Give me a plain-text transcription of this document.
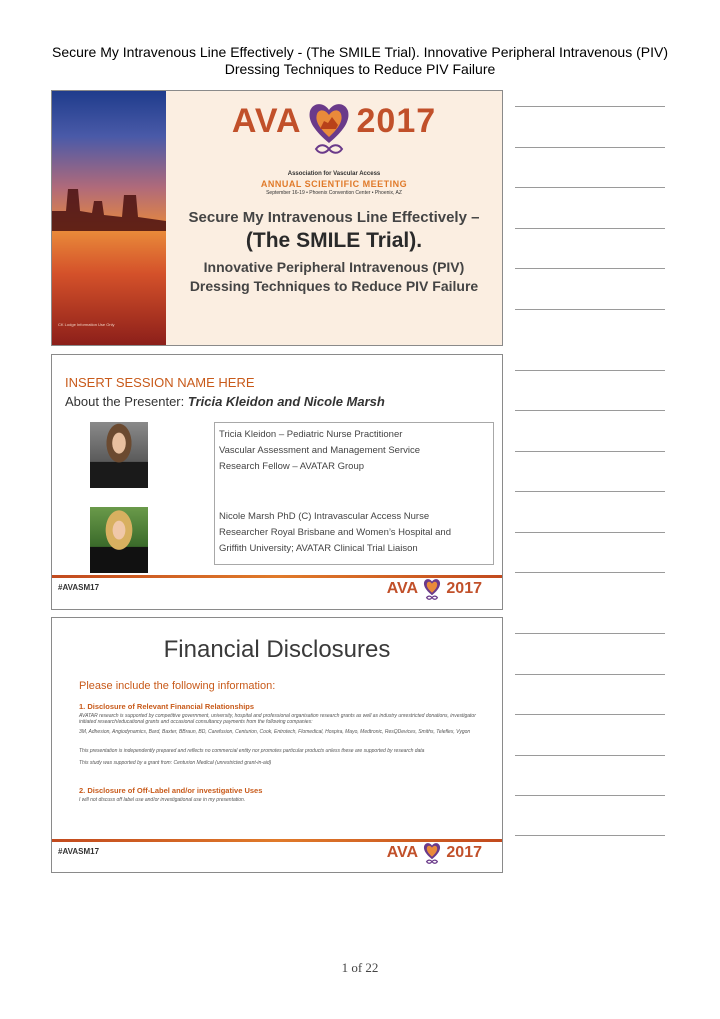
Secure My Intravenous Line Effectively - (The SMILE Trial). Innovative Peripheral Intravenous (PIV) Dressing Techniques to Reduce PIV Failure
CK Lodge Information Use Only
AVA 2017
Association for Vascular Access
ANNUAL SCIENTIFIC MEETING
September 16-19 • Phoenix Convention Center • Phoenix, AZ
Secure My Intravenous Line Effectively –
(The SMILE Trial).
Innovative Peripheral Intravenous (PIV)
Dressing Techniques to Reduce PIV Failure
INSERT SESSION NAME HERE
About the Presenter: Tricia Kleidon and Nicole Marsh
Tricia Kleidon – Pediatric Nurse Practitioner
Vascular Assessment and Management Service
Research Fellow – AVATAR Group
Nicole Marsh PhD (C) Intravascular Access Nurse
Researcher Royal Brisbane and Women’s Hospital and
Griffith University; AVATAR Clinical Trial Liaison
#AVASM17	AVA 2017
Financial Disclosures
Please include the following information:
1. Disclosure of Relevant Financial Relationships
AVATAR research is supported by competitive government, university, hospital and professional organisation research grants as well as industry unrestricted donations, investigator initiated research/educational grants and occasional consultancy payments from the following companies:
3M, Adhesion, Angiodynamics, Bard, Baxter, BBraun, BD, Carefusion, Centurion, Cook, Entrotech, Flomedical, Hospira, Mayo, Medtronic, ResQDevices, Smiths, Teleflex, Vygon
This presentation is independently prepared and reflects no commercial entity nor promotes particular products unless these are supported by research data
This study was supported by a grant from: Centurion Medical (unrestricted grant-in-aid)
2. Disclosure of Off-Label and/or investigative Uses
I will not discuss off label use and/or investigational use in my presentation.
#AVASM17	AVA 2017
1 of 22
